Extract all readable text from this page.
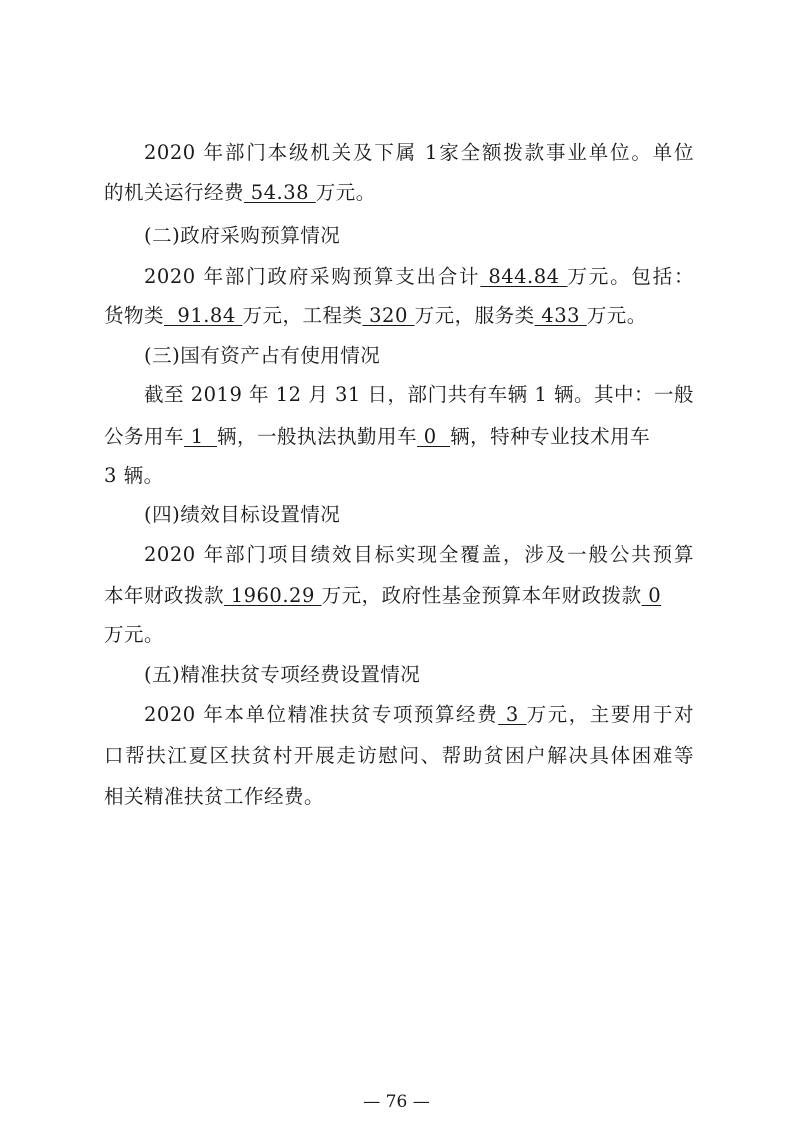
2020 年部门本级机关及下属 1家全额拨款事业单位。单位
的机关运行经费 54.38 万元。
(二)政府采购预算情况
2020 年部门政府采购预算支出合计 844.84 万元。包括：
货物类  91.84 万元，工程类 320 万元，服务类 433 万元。
(三)国有资产占有使用情况
截至 2019 年 12 月 31 日，部门共有车辆 1 辆。其中：一般
公务用车 1  辆，一般执法执勤用车 0  辆，特种专业技术用车
3 辆。
(四)绩效目标设置情况
2020 年部门项目绩效目标实现全覆盖，涉及一般公共预算
本年财政拨款 1960.29 万元，政府性基金预算本年财政拨款 0
万元。
(五)精准扶贫专项经费设置情况
2020 年本单位精准扶贫专项预算经费 3 万元，主要用于对
口帮扶江夏区扶贫村开展走访慰问、帮助贫困户解决具体困难等
相关精准扶贫工作经费。
— 76 —
